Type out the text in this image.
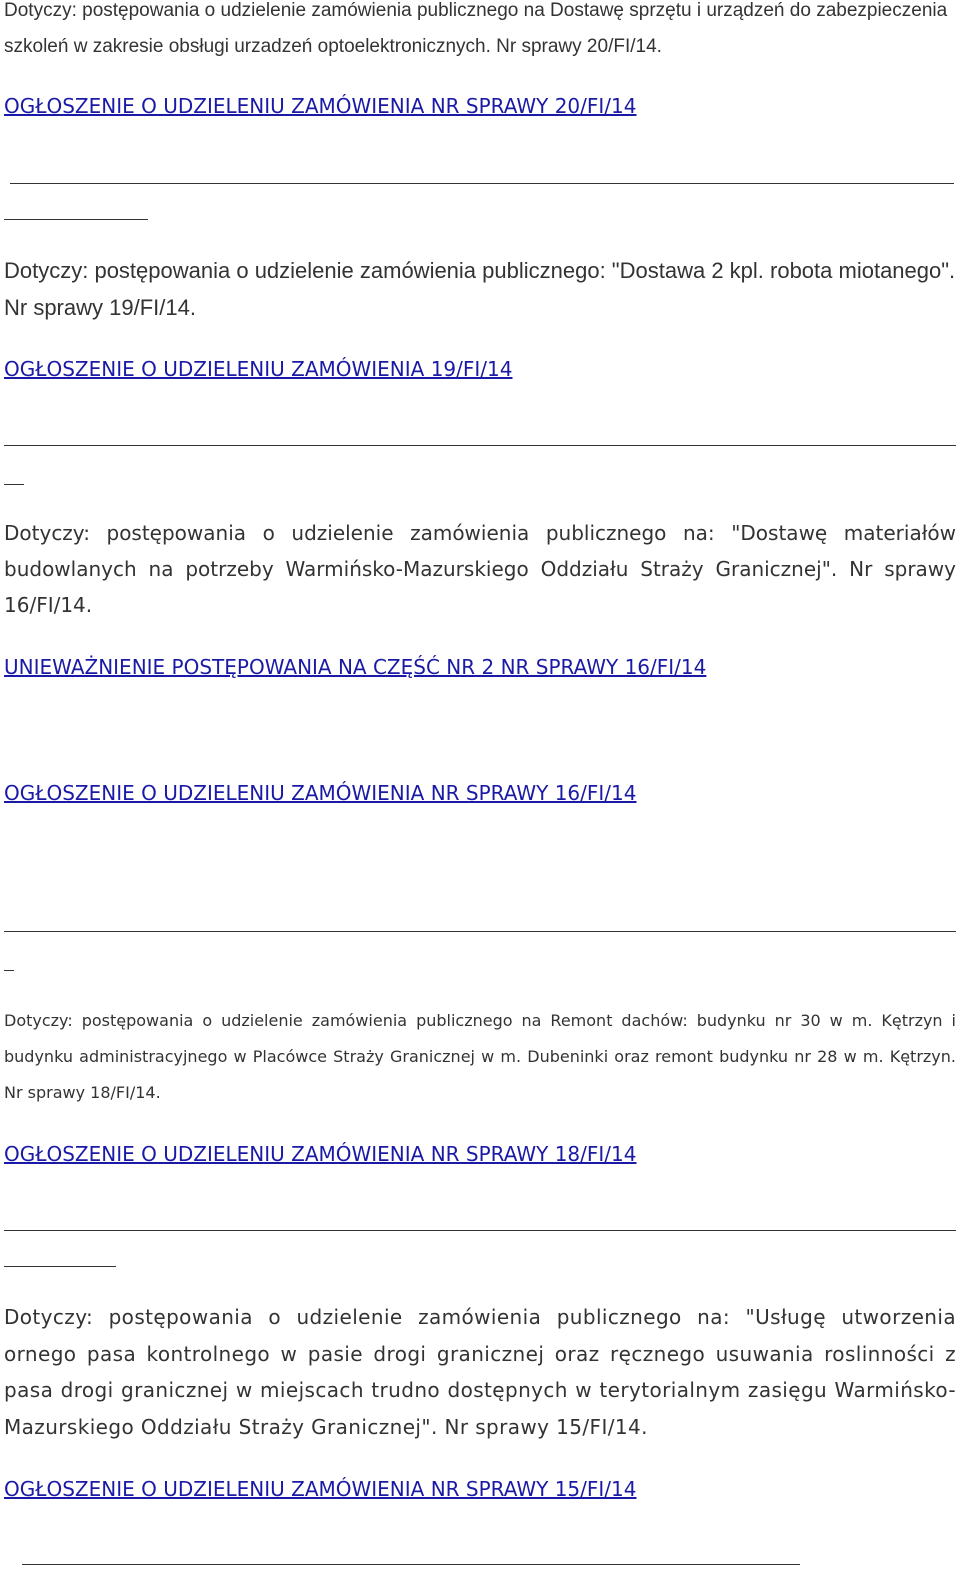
Dotyczy: postępowania o udzielenie zamówienia publicznego na Dostawę sprzętu i urządzeń do zabezpieczenia szkoleń w zakresie obsługi urzadzeń optoelektronicznych. Nr sprawy 20/FI/14.

OGŁOSZENIE O UDZIELENIU ZAMÓWIENIA NR SPRAWY 20/FI/14

Dotyczy: postępowania o udzielenie zamówienia publicznego: "Dostawa 2 kpl. robota miotanego". Nr sprawy 19/FI/14.

OGŁOSZENIE O UDZIELENIU ZAMÓWIENIA 19/FI/14

Dotyczy: postępowania o udzielenie zamówienia publicznego na: "Dostawę materiałów budowlanych na potrzeby Warmińsko-Mazurskiego Oddziału Straży Granicznej". Nr sprawy 16/FI/14.

UNIEWAŻNIENIE POSTĘPOWANIA NA CZĘŚĆ NR 2 NR SPRAWY 16/FI/14
OGŁOSZENIE O UDZIELENIU ZAMÓWIENIA NR SPRAWY 16/FI/14

Dotyczy: postępowania o udzielenie zamówienia publicznego na Remont dachów: budynku nr 30 w m. Kętrzyn i budynku administracyjnego w Placówce Straży Granicznej w m. Dubeninki oraz remont budynku nr 28 w m. Kętrzyn. Nr sprawy 18/FI/14.

OGŁOSZENIE O UDZIELENIU ZAMÓWIENIA NR SPRAWY 18/FI/14

Dotyczy: postępowania o udzielenie zamówienia publicznego na: "Usługę utworzenia ornego pasa kontrolnego w pasie drogi granicznej oraz ręcznego usuwania roslinności z pasa drogi granicznej w miejscach trudno dostępnych w terytorialnym zasięgu Warmińsko-Mazurskiego Oddziału Straży Granicznej". Nr sprawy 15/FI/14.

OGŁOSZENIE O UDZIELENIU ZAMÓWIENIA NR SPRAWY 15/FI/14
